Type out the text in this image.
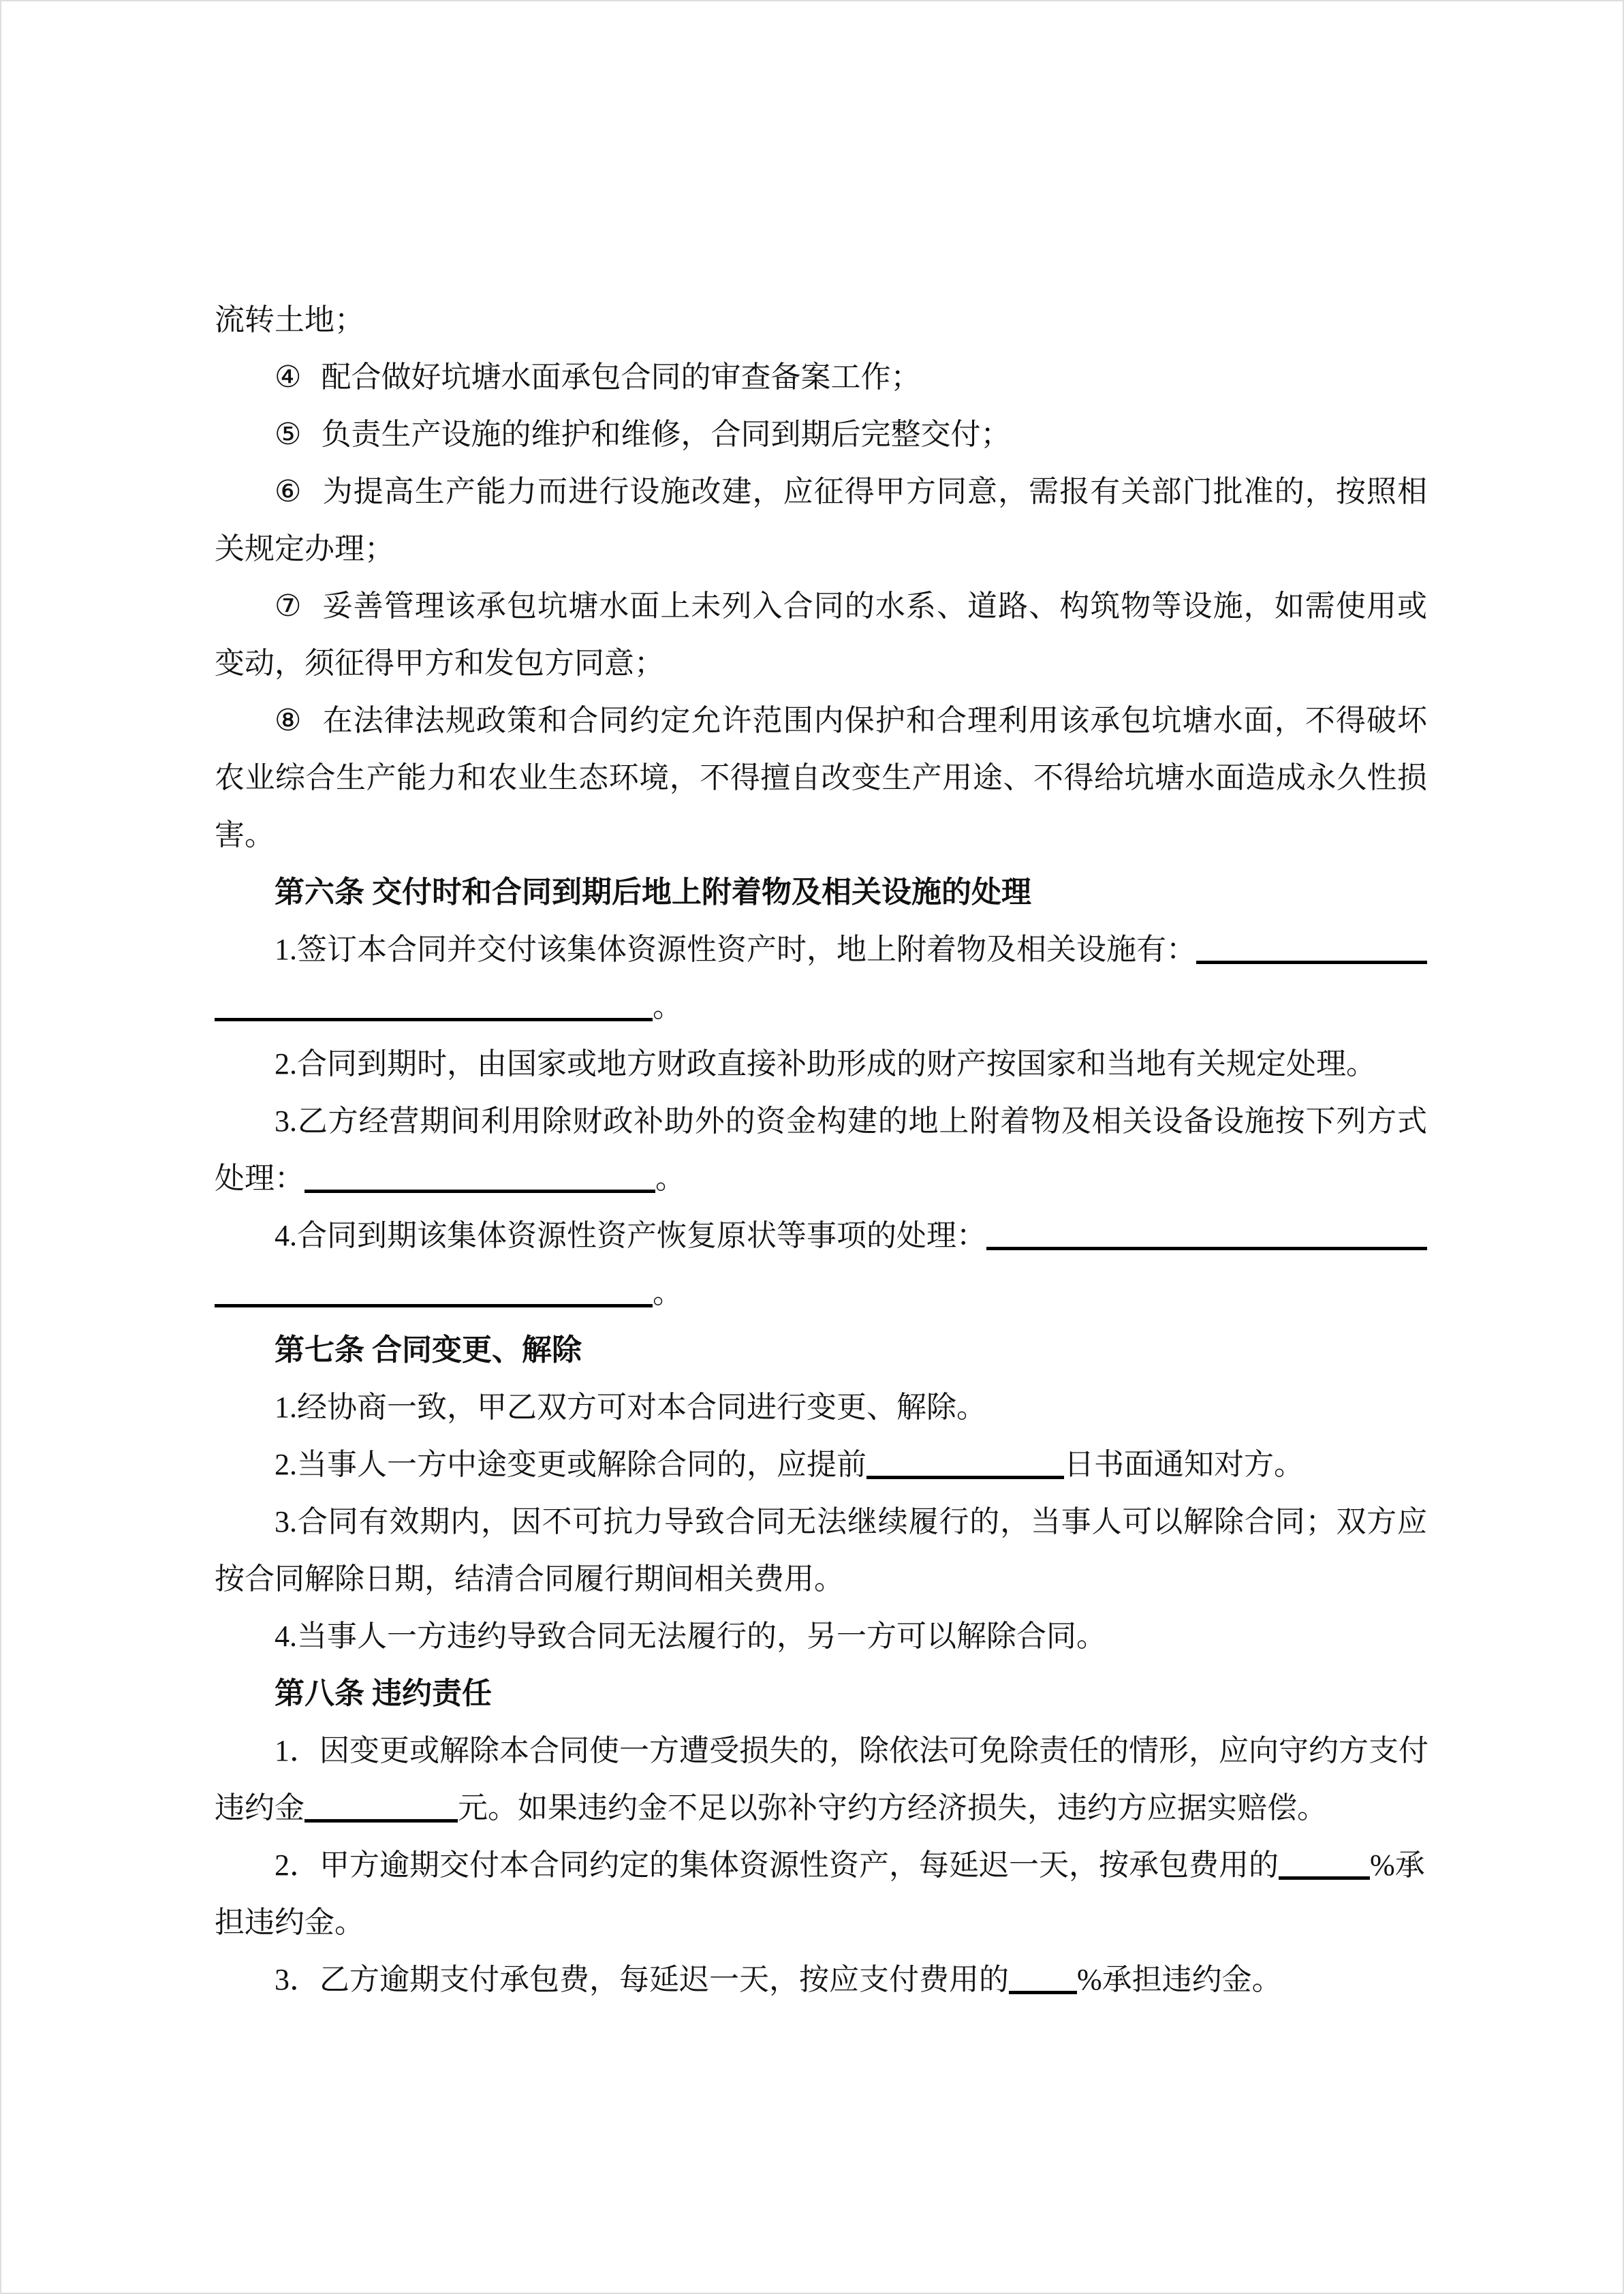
流转土地；
④ 配合做好坑塘水面承包合同的审查备案工作；
⑤ 负责生产设施的维护和维修，合同到期后完整交付；
⑥ 为提高生产能力而进行设施改建，应征得甲方同意，需报有关部门批准的，按照相
关规定办理；
⑦ 妥善管理该承包坑塘水面上未列入合同的水系、道路、构筑物等设施，如需使用或
变动，须征得甲方和发包方同意；
⑧ 在法律法规政策和合同约定允许范围内保护和合理利用该承包坑塘水面，不得破坏
农业综合生产能力和农业生态环境，不得擅自改变生产用途、不得给坑塘水面造成永久性损
害。
第六条 交付时和合同到期后地上附着物及相关设施的处理
1.签订本合同并交付该集体资源性资产时，地上附着物及相关设施有：
。
2.合同到期时，由国家或地方财政直接补助形成的财产按国家和当地有关规定处理。
3.乙方经营期间利用除财政补助外的资金构建的地上附着物及相关设备设施按下列方式
处理：	。
4.合同到期该集体资源性资产恢复原状等事项的处理：
。
第七条 合同变更、解除
1.经协商一致，甲乙双方可对本合同进行变更、解除。
2.当事人一方中途变更或解除合同的，应提前	日书面通知对方。
3.合同有效期内，因不可抗力导致合同无法继续履行的，当事人可以解除合同；双方应
按合同解除日期，结清合同履行期间相关费用。
4.当事人一方违约导致合同无法履行的，另一方可以解除合同。
第八条 违约责任
1．因变更或解除本合同使一方遭受损失的，除依法可免除责任的情形，应向守约方支付
违约金	元。如果违约金不足以弥补守约方经济损失，违约方应据实赔偿。
2．甲方逾期交付本合同约定的集体资源性资产，每延迟一天，按承包费用的	%承
担违约金。
3．乙方逾期支付承包费，每延迟一天，按应支付费用的 %承担违约金。
